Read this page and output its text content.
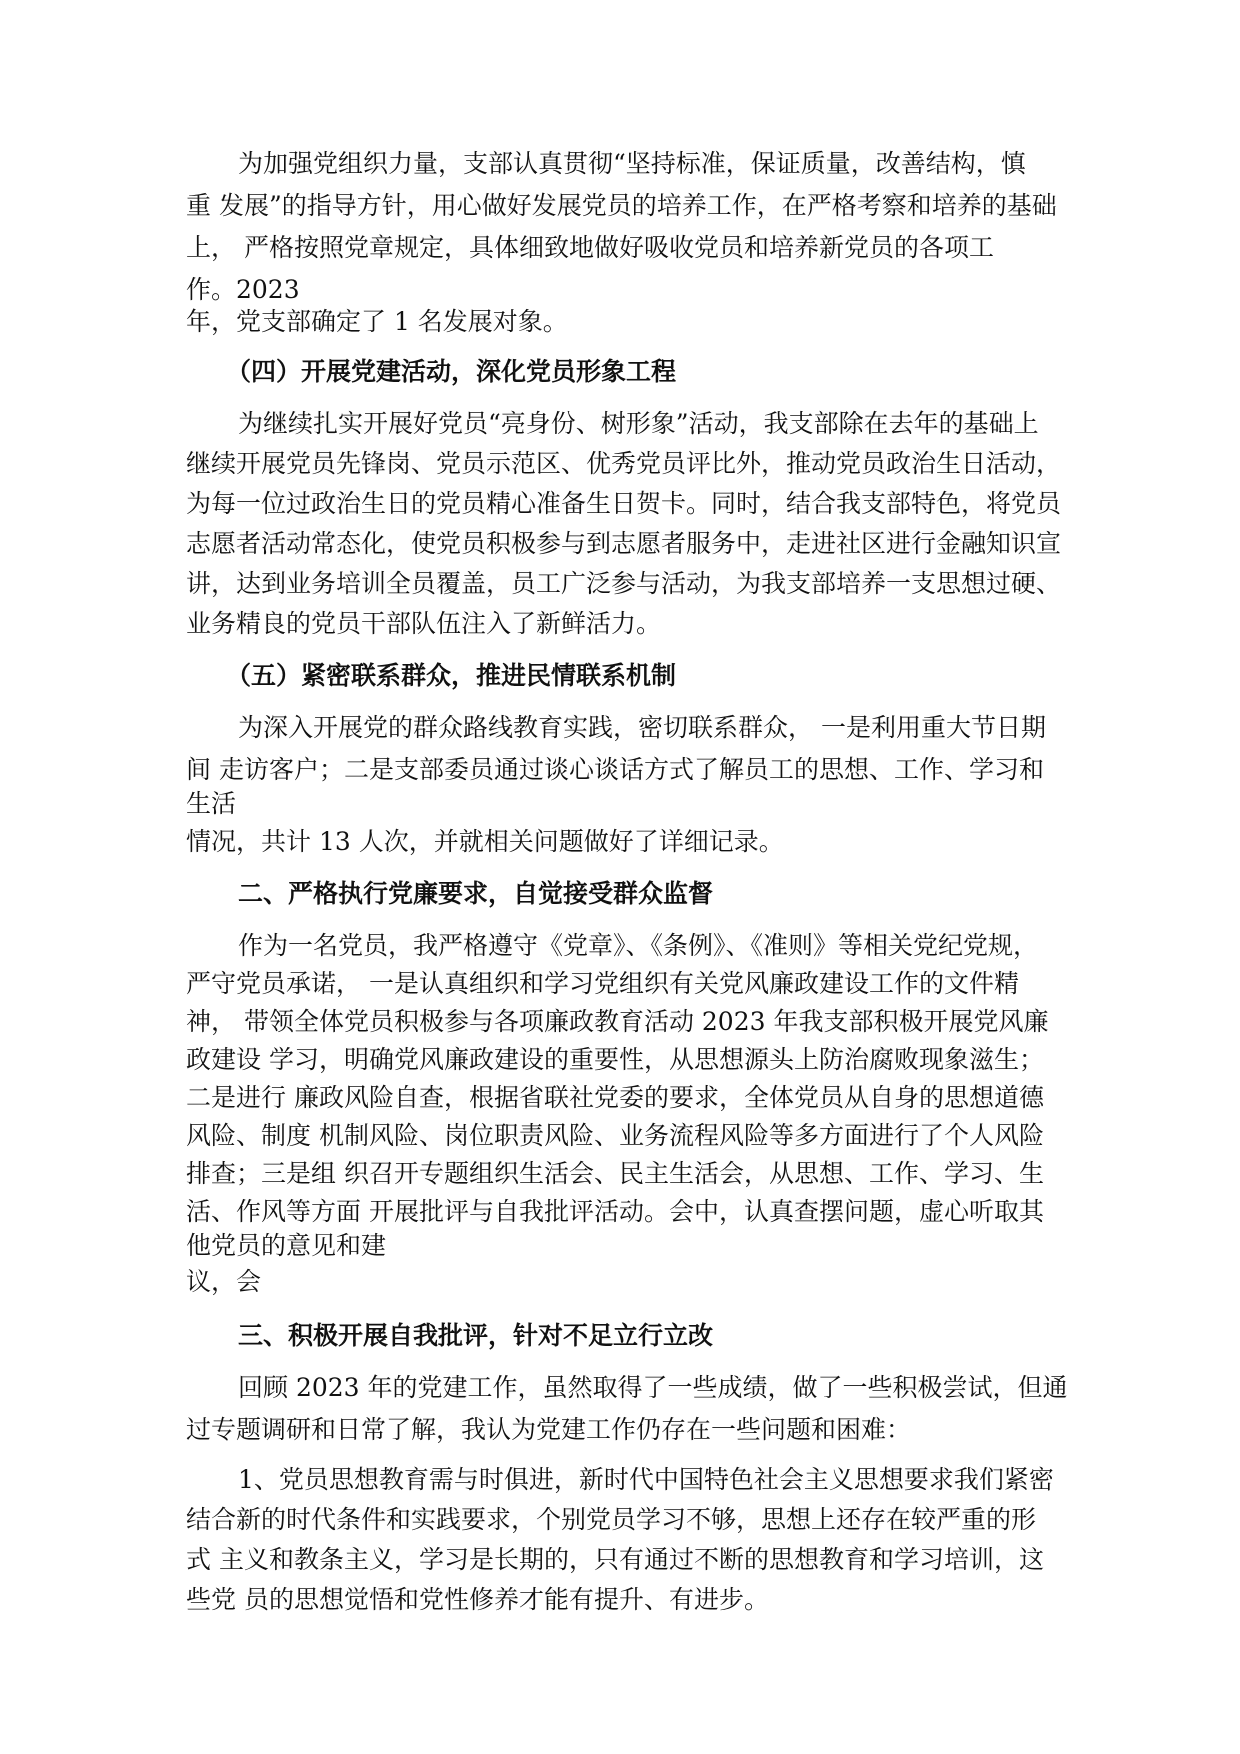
为加强党组织力量，支部认真贯彻“坚持标准，保证质量，改善结构，慎
重 发展”的指导方针，用心做好发展党员的培养工作，在严格考察和培养的基础
上， 严格按照党章规定，具体细致地做好吸收党员和培养新党员的各项工
作。2023
年，党支部确定了 1 名发展对象。
（四）开展党建活动，深化党员形象工程
为继续扎实开展好党员“亮身份、树形象”活动，我支部除在去年的基础上
继续开展党员先锋岗、党员示范区、优秀党员评比外，推动党员政治生日活动，
为每一位过政治生日的党员精心准备生日贺卡。同时，结合我支部特色，将党员
志愿者活动常态化，使党员积极参与到志愿者服务中，走进社区进行金融知识宣
讲，达到业务培训全员覆盖，员工广泛参与活动，为我支部培养一支思想过硬、
业务精良的党员干部队伍注入了新鲜活力。
（五）紧密联系群众，推进民情联系机制
为深入开展党的群众路线教育实践，密切联系群众， 一是利用重大节日期
间 走访客户；二是支部委员通过谈心谈话方式了解员工的思想、工作、学习和
生活
情况，共计 13 人次，并就相关问题做好了详细记录。
二、严格执行党廉要求，自觉接受群众监督
作为一名党员，我严格遵守《党章》、《条例》、《准则》等相关党纪党规，
严守党员承诺， 一是认真组织和学习党组织有关党风廉政建设工作的文件精
神， 带领全体党员积极参与各项廉政教育活动 2023 年我支部积极开展党风廉
政建设 学习，明确党风廉政建设的重要性，从思想源头上防治腐败现象滋生；
二是进行 廉政风险自查，根据省联社党委的要求，全体党员从自身的思想道德
风险、制度 机制风险、岗位职责风险、业务流程风险等多方面进行了个人风险
排查；三是组 织召开专题组织生活会、民主生活会，从思想、工作、学习、生
活、作风等方面 开展批评与自我批评活动。会中，认真查摆问题，虚心听取其
他党员的意见和建
议，会
三、积极开展自我批评，针对不足立行立改
回顾 2023 年的党建工作，虽然取得了一些成绩，做了一些积极尝试，但通
过专题调研和日常了解，我认为党建工作仍存在一些问题和困难：
1、党员思想教育需与时俱进，新时代中国特色社会主义思想要求我们紧密
结合新的时代条件和实践要求，个别党员学习不够，思想上还存在较严重的形
式 主义和教条主义，学习是长期的，只有通过不断的思想教育和学习培训，这
些党 员的思想觉悟和党性修养才能有提升、有进步。
